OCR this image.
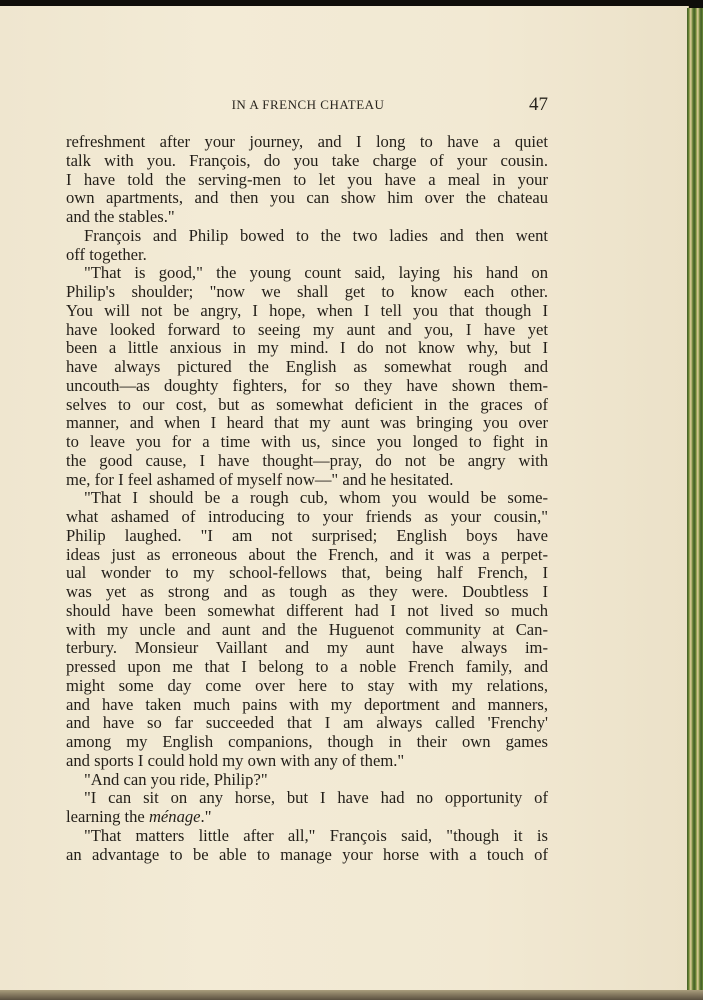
IN A FRENCH CHATEAU	47
refreshment after your journey, and I long to have a quiet
talk with you. François, do you take charge of your cousin.
I have told the serving-men to let you have a meal in your
own apartments, and then you can show him over the chateau
and the stables."
François and Philip bowed to the two ladies and then went
off together.
"That is good," the young count said, laying his hand on
Philip's shoulder; "now we shall get to know each other.
You will not be angry, I hope, when I tell you that though I
have looked forward to seeing my aunt and you, I have yet
been a little anxious in my mind. I do not know why, but I
have always pictured the English as somewhat rough and
uncouth—as doughty fighters, for so they have shown them-
selves to our cost, but as somewhat deficient in the graces of
manner, and when I heard that my aunt was bringing you over
to leave you for a time with us, since you longed to fight in
the good cause, I have thought—pray, do not be angry with
me, for I feel ashamed of myself now—" and he hesitated.
"That I should be a rough cub, whom you would be some-
what ashamed of introducing to your friends as your cousin,"
Philip laughed. "I am not surprised; English boys have
ideas just as erroneous about the French, and it was a perpet-
ual wonder to my school-fellows that, being half French, I
was yet as strong and as tough as they were. Doubtless I
should have been somewhat different had I not lived so much
with my uncle and aunt and the Huguenot community at Can-
terbury. Monsieur Vaillant and my aunt have always im-
pressed upon me that I belong to a noble French family, and
might some day come over here to stay with my relations,
and have taken much pains with my deportment and manners,
and have so far succeeded that I am always called 'Frenchy'
among my English companions, though in their own games
and sports I could hold my own with any of them."
"And can you ride, Philip?"
"I can sit on any horse, but I have had no opportunity of
learning the ménage."
"That matters little after all," François said, "though it is
an advantage to be able to manage your horse with a touch of
